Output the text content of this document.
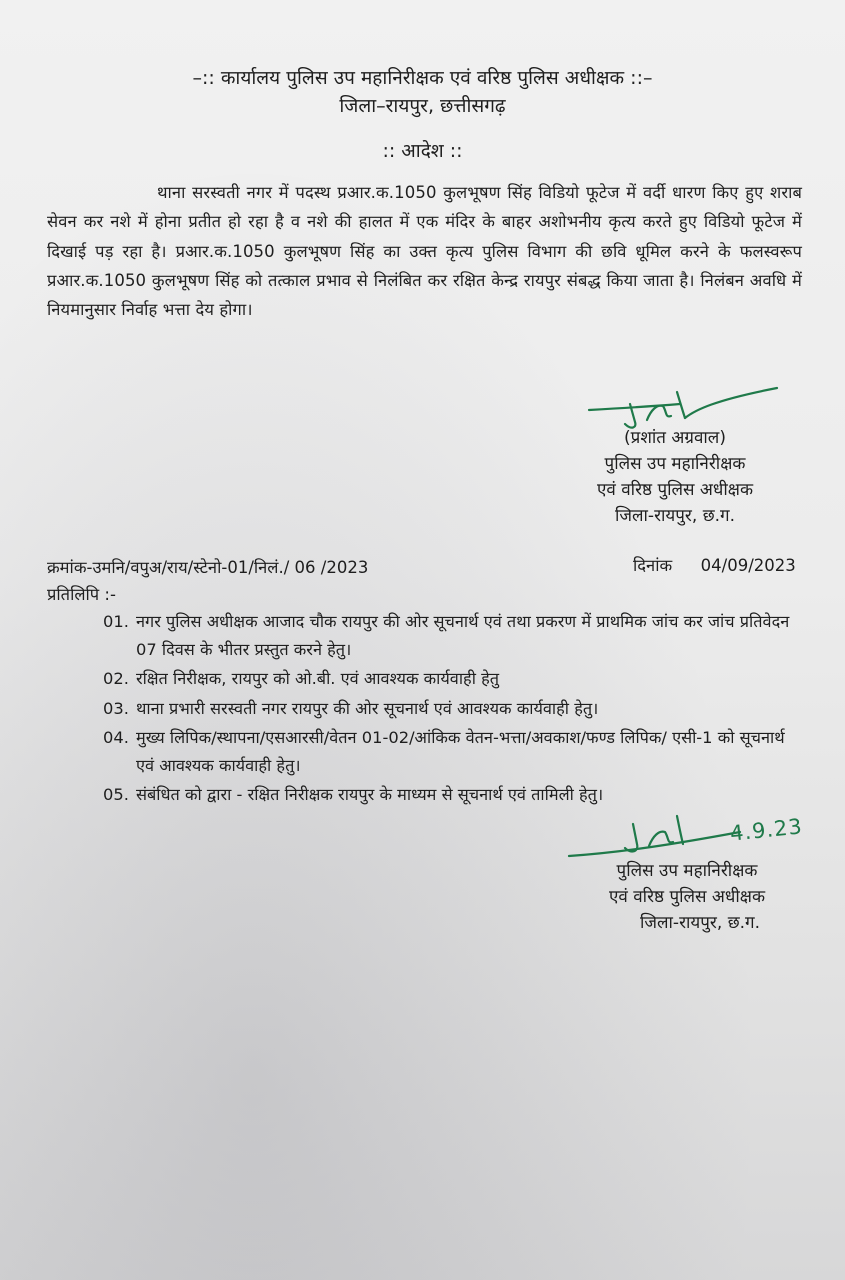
–:: कार्यालय पुलिस उप महानिरीक्षक एवं वरिष्ठ पुलिस अधीक्षक ::–
जिला–रायपुर, छत्तीसगढ़
:: आदेश ::
थाना सरस्वती नगर में पदस्थ प्रआर.क.1050 कुलभूषण सिंह विडियो फूटेज में वर्दी धारण किए हुए शराब सेवन कर नशे में होना प्रतीत हो रहा है व नशे की हालत में एक मंदिर के बाहर अशोभनीय कृत्य करते हुए विडियो फूटेज में दिखाई पड़ रहा है। प्रआर.क.1050 कुलभूषण सिंह का उक्त कृत्य पुलिस विभाग की छवि धूमिल करने के फलस्वरूप प्रआर.क.1050 कुलभूषण सिंह को तत्काल प्रभाव से निलंबित कर रक्षित केन्द्र रायपुर संबद्ध किया जाता है। निलंबन अवधि में नियमानुसार निर्वाह भत्ता देय होगा।
(प्रशांत अग्रवाल)
पुलिस उप महानिरीक्षक
एवं वरिष्ठ पुलिस अधीक्षक
जिला-रायपुर, छ.ग.
क्रमांक-उमनि/वपुअ/राय/स्टेनो-01/निलं./ 06 /2023	दिनांक 04/09/2023
प्रतिलिपि :-
01. नगर पुलिस अधीक्षक आजाद चौक रायपुर की ओर सूचनार्थ एवं तथा प्रकरण में प्राथमिक जांच कर जांच प्रतिवेदन 07 दिवस के भीतर प्रस्तुत करने हेतु।
02. रक्षित निरीक्षक, रायपुर को ओ.बी. एवं आवश्यक कार्यवाही हेतु
03. थाना प्रभारी सरस्वती नगर रायपुर की ओर सूचनार्थ एवं आवश्यक कार्यवाही हेतु।
04. मुख्य लिपिक/स्थापना/एसआरसी/वेतन 01-02/आंकिक वेतन-भत्ता/अवकाश/फण्ड लिपिक/ एसी-1 को सूचनार्थ एवं आवश्यक कार्यवाही हेतु।
05. संबंधित को द्वारा - रक्षित निरीक्षक रायपुर के माध्यम से सूचनार्थ एवं तामिली हेतु।
4.9.23
पुलिस उप महानिरीक्षक
एवं वरिष्ठ पुलिस अधीक्षक
जिला-रायपुर, छ.ग.
